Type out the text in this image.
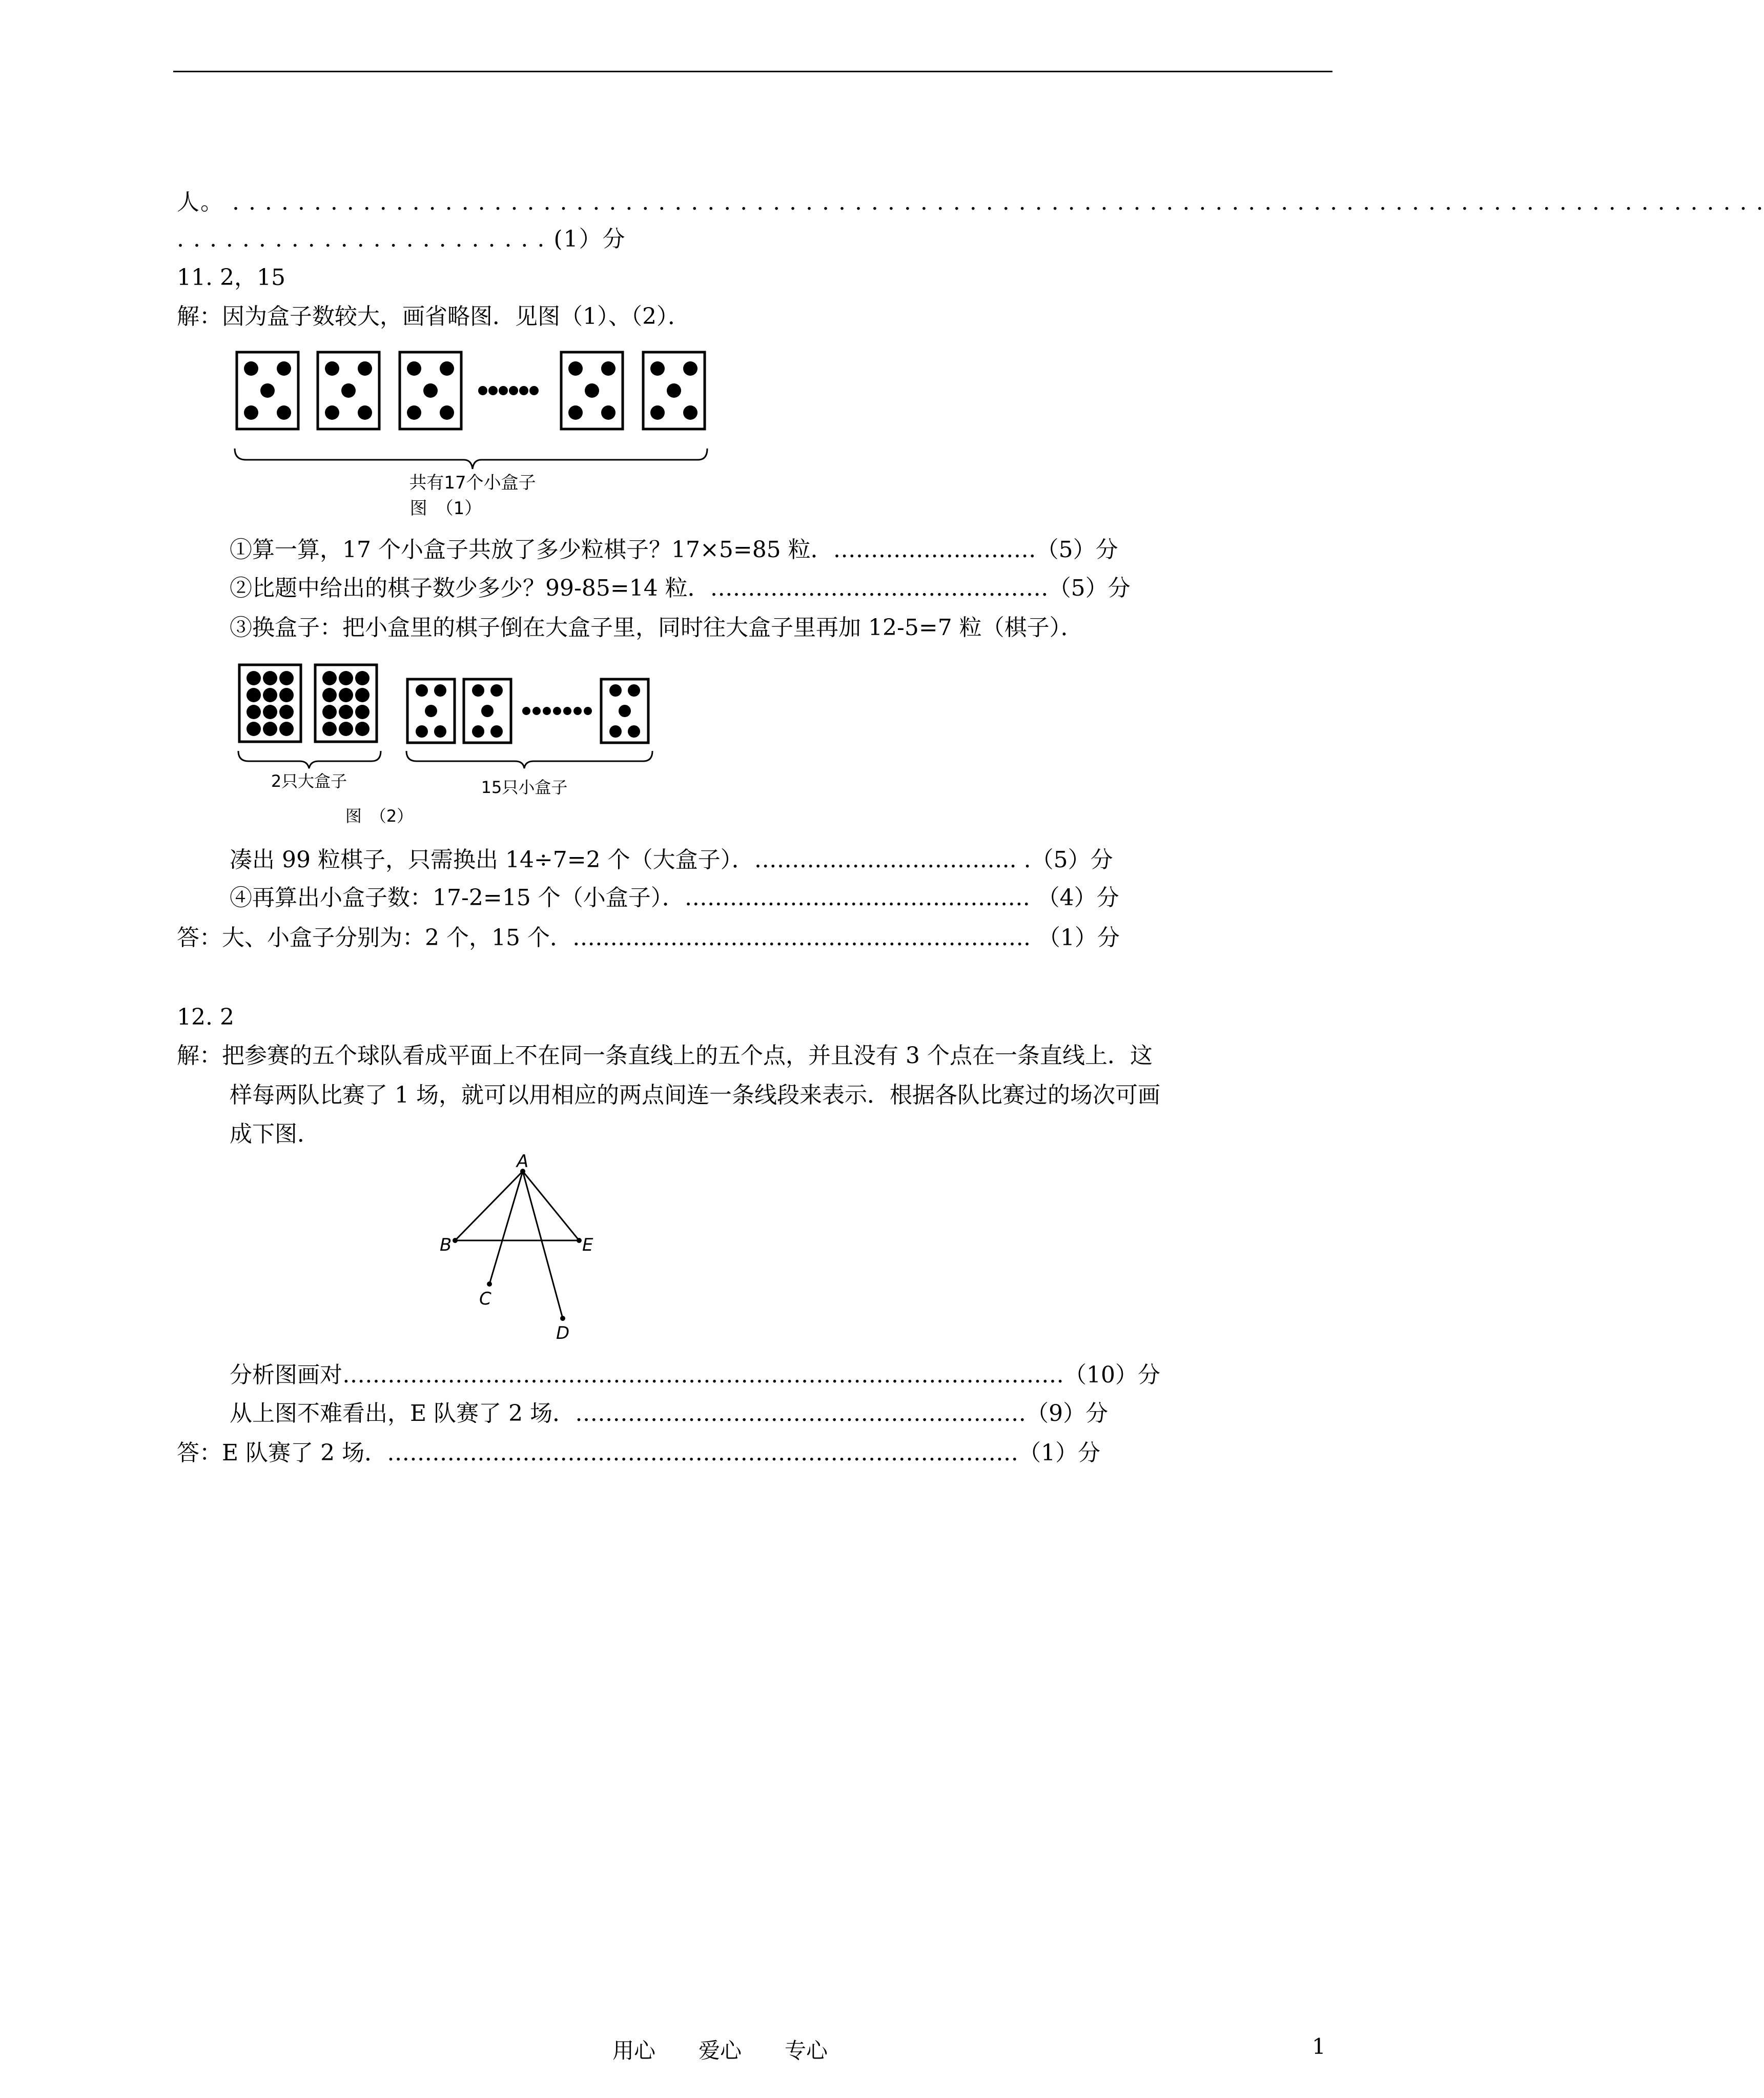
人。 . . . . . . . . . . . . . . . . . . . . . . . . . . . . . . . . . . . . . . . . . . . . . . . . . . . . . . . . . . . . . . . . . . . . . . . . . . . . . . . . . . . . . . . . . . . . . .
. . . . . . . . . . . . . . . . . . . . . . . (1）分
11. 2，15
解：因为盒子数较大，画省略图．见图（1）、（2）．
共有17个小盒子
图　（1）
①算一算，17 个小盒子共放了多少粒棋子？17×5=85 粒．………………………（5）分
②比题中给出的棋子数少多少？99-85=14 粒．………………………………………（5）分
③换盒子：把小盒里的棋子倒在大盒子里，同时往大盒子里再加 12-5=7 粒（棋子）．
2只大盒子	15只小盒子
图　（2）
凑出 99 粒棋子，只需换出 14÷7=2 个（大盒子）．…………………………….. .（5）分
④再算出小盒子数：17-2=15 个（小盒子）．………………………………………. （4）分
答：大、小盒子分别为：2 个，15 个．……………………………………………………. （1）分
12. 2
解：把参赛的五个球队看成平面上不在同一条直线上的五个点，并且没有 3 个点在一条直线上．这
样每两队比赛了 1 场，就可以用相应的两点间连一条线段来表示．根据各队比赛过的场次可画
成下图．
A
B
C
D
E
分析图画对……………………………………………………………………………………（10）分
从上图不难看出，E 队赛了 2 场．……………………………………………………（9）分
答：E 队赛了 2 场．…………………………………………………………………………（1）分
用心　　爱心　　专心	1
